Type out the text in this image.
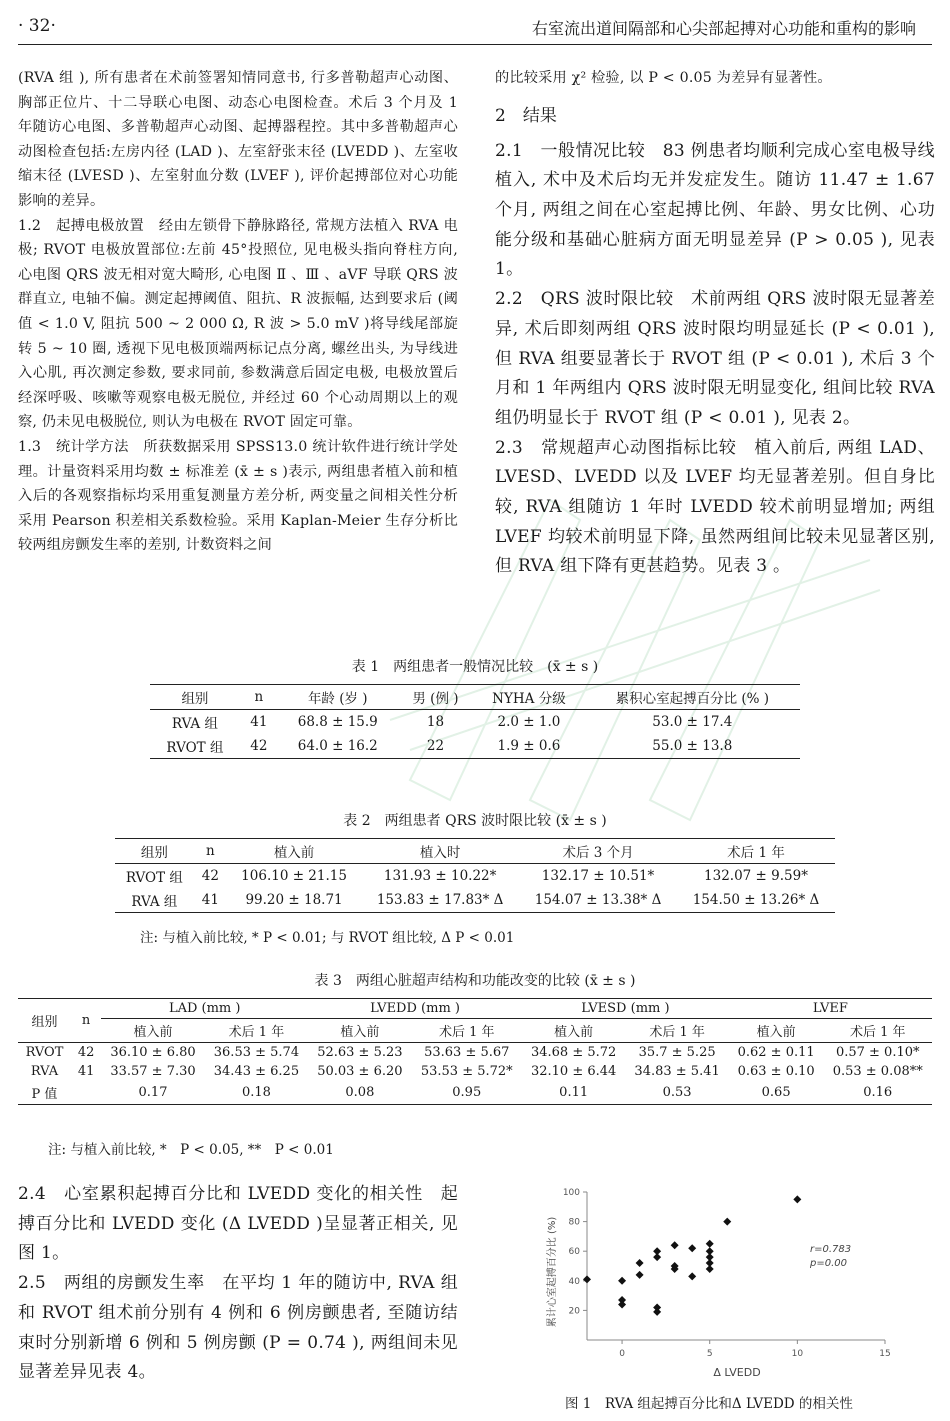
· 32·	右室流出道间隔部和心尖部起搏对心功能和重构的影响

(RVA 组 ), 所有患者在术前签署知情同意书, 行多普勒超声心动图、胸部正位片、十二导联心电图、动态心电图检查。术后 3 个月及 1 年随访心电图、多普勒超声心动图、起搏器程控。其中多普勒超声心动图检查包括:左房内径 (LAD )、左室舒张末径 (LVEDD )、左室收缩末径 (LVESD )、左室射血分数 (LVEF ), 评价起搏部位对心功能影响的差异。

1.2　起搏电极放置　经由左锁骨下静脉路径, 常规方法植入 RVA 电极; RVOT 电极放置部位:左前 45°投照位, 见电极头指向脊柱方向, 心电图 QRS 波无相对宽大畸形, 心电图 Ⅱ 、Ⅲ 、aVF 导联 QRS 波群直立, 电轴不偏。测定起搏阈值、阻抗、R 波振幅, 达到要求后 (阈值 < 1.0 V, 阻抗 500 ~ 2 000 Ω, R 波 > 5.0 mV )将导线尾部旋转 5 ~ 10 圈, 透视下见电极顶端两标记点分离, 螺丝出头, 为导线进入心肌, 再次测定参数, 要求同前, 参数满意后固定电极, 电极放置后经深呼吸、咳嗽等观察电极无脱位, 并经过 60 个心动周期以上的观察, 仍未见电极脱位, 则认为电极在 RVOT 固定可靠。

1.3　统计学方法　所获数据采用 SPSS13.0 统计软件进行统计学处理。计量资料采用均数 ± 标准差 (x̄ ± s )表示, 两组患者植入前和植入后的各观察指标均采用重复测量方差分析, 两变量之间相关性分析采用 Pearson 积差相关系数检验。采用 Kaplan-Meier 生存分析比较两组房颤发生率的差别, 计数资料之间

的比较采用 χ² 检验, 以 P < 0.05 为差异有显著性。

2　结果

2.1　一般情况比较　83 例患者均顺利完成心室电极导线植入, 术中及术后均无并发症发生。随访 11.47 ± 1.67 个月, 两组之间在心室起搏比例、年龄、男女比例、心功能分级和基础心脏病方面无明显差异 (P > 0.05 ), 见表 1。

2.2　QRS 波时限比较　术前两组 QRS 波时限无显著差异, 术后即刻两组 QRS 波时限均明显延长 (P < 0.01 ), 但 RVA 组要显著长于 RVOT 组 (P < 0.01 ), 术后 3 个月和 1 年两组内 QRS 波时限无明显变化, 组间比较 RVA 组仍明显长于 RVOT 组 (P < 0.01 ), 见表 2。

2.3　常规超声心动图指标比较　植入前后, 两组 LAD、LVESD、LVEDD 以及 LVEF 均无显著差别。但自身比较, RVA 组随访 1 年时 LVEDD 较术前明显增加; 两组 LVEF 均较术前明显下降, 虽然两组间比较未见显著区别, 但 RVA 组下降有更甚趋势。见表 3 。

表 1　两组患者一般情况比较　(x̄ ± s )
组别	n	年龄 (岁 )	男 (例 )	NYHA 分级	累积心室起搏百分比 (% )
RVA 组	41	68.8 ± 15.9	18	2.0 ± 1.0	53.0 ± 17.4
RVOT 组	42	64.0 ± 16.2	22	1.9 ± 0.6	55.0 ± 13.8
表 2　两组患者 QRS 波时限比较 (x̄ ± s )
组别	n	植入前	植入时	术后 3 个月	术后 1 年
RVOT 组	42	106.10 ± 21.15	131.93 ± 10.22*	132.17 ± 10.51*	132.07 ± 9.59*
RVA 组	41	99.20 ± 18.71	153.83 ± 17.83* Δ	154.07 ± 13.38* Δ	154.50 ± 13.26* Δ
注: 与植入前比较, * P < 0.01; 与 RVOT 组比较, Δ P < 0.01
表 3　两组心脏超声结构和功能改变的比较 (x̄ ± s )
组别	n	LAD (mm )		LVEDD (mm )		LVESD (mm )		LVEF	
		植入前	术后 1 年	植入前	术后 1 年	植入前	术后 1 年	植入前	术后 1 年
RVOT	42	36.10 ± 6.80	36.53 ± 5.74	52.63 ± 5.23	53.63 ± 5.67	34.68 ± 5.72	35.7 ± 5.25	0.62 ± 0.11	0.57 ± 0.10*
RVA	41	33.57 ± 7.30	34.43 ± 6.25	50.03 ± 6.20	53.53 ± 5.72*	32.10 ± 6.44	34.83 ± 5.41	0.63 ± 0.10	0.53 ± 0.08**
P 值		0.17	0.18	0.08	0.95	0.11	0.53	0.65	0.16
注: 与植入前比较, *　P < 0.05, **　P < 0.01

2.4　心室累积起搏百分比和 LVEDD 变化的相关性　起搏百分比和 LVEDD 变化 (Δ LVEDD )呈显著正相关, 见图 1。

2.5　两组的房颤发生率　在平均 1 年的随访中, RVA 组和 RVOT 组术前分别有 4 例和 6 例房颤患者, 至随访结束时分别新增 6 例和 5 例房颤 (P = 0.74 ), 两组间未见显著差异见表 4。

20
40
60
80
100
0	5	10	15
累计心室起搏百分比 (%)
Δ LVEDD
r=0.783
p=0.00
图 1　RVA 组起搏百分比和Δ LVEDD 的相关性
